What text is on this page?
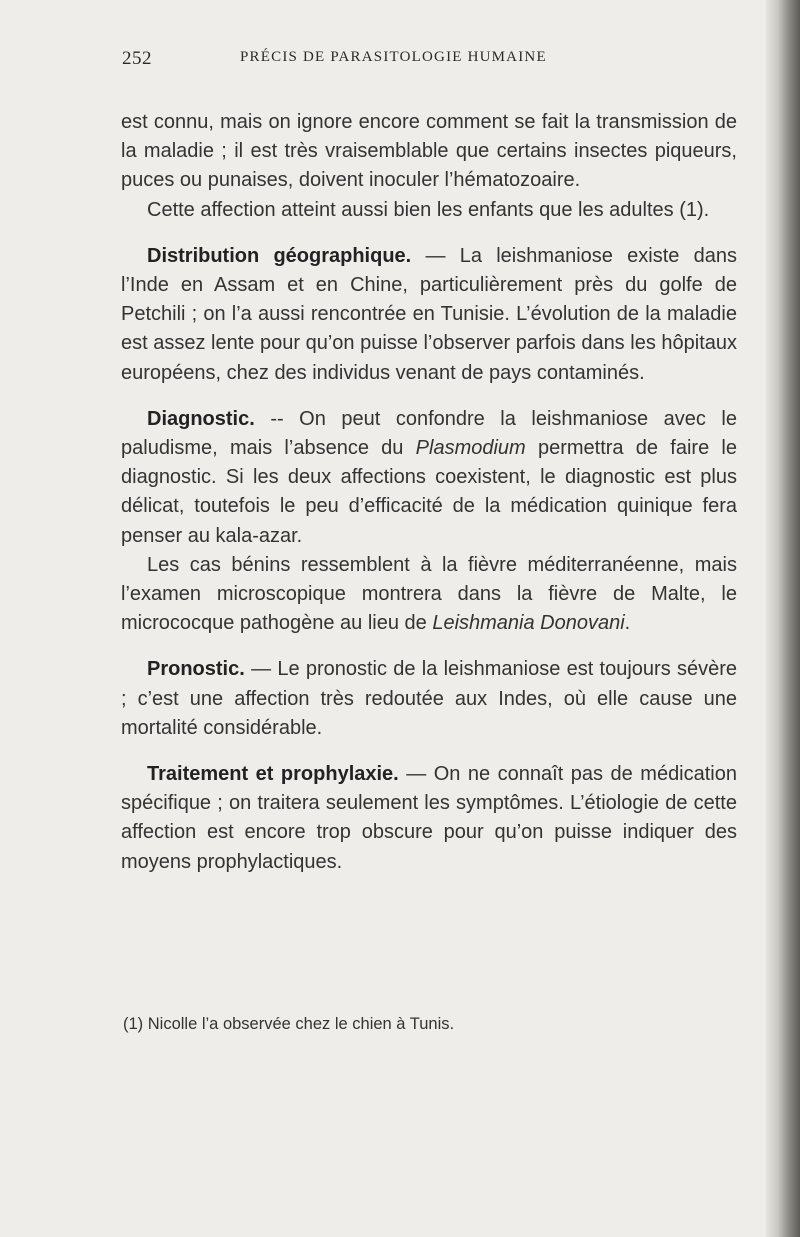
252	PRÉCIS DE PARASITOLOGIE HUMAINE

est connu, mais on ignore encore comment se fait la transmission de la maladie ; il est très vraisemblable que certains insectes piqueurs, puces ou punaises, doivent inoculer l’hématozoaire.

Cette affection atteint aussi bien les enfants que les adultes (1).

Distribution géographique. — La leishmaniose existe dans l’Inde en Assam et en Chine, particulièrement près du golfe de Petchili ; on l’a aussi rencontrée en Tunisie. L’évolution de la maladie est assez lente pour qu’on puisse l’observer parfois dans les hôpitaux européens, chez des individus venant de pays contaminés.

Diagnostic. -- On peut confondre la leishmaniose avec le paludisme, mais l’absence du Plasmodium permettra de faire le diagnostic. Si les deux affections coexistent, le diagnostic est plus délicat, toutefois le peu d’efficacité de la médication quinique fera penser au kala-azar.

Les cas bénins ressemblent à la fièvre méditerranéenne, mais l’examen microscopique montrera dans la fièvre de Malte, le micrococque pathogène au lieu de Leishmania Donovani.

Pronostic. — Le pronostic de la leishmaniose est toujours sévère ; c’est une affection très redoutée aux Indes, où elle cause une mortalité considérable.

Traitement et prophylaxie. — On ne connaît pas de médication spécifique ; on traitera seulement les symptômes. L’étiologie de cette affection est encore trop obscure pour qu’on puisse indiquer des moyens prophylactiques.

(1) Nicolle l’a observée chez le chien à Tunis.
